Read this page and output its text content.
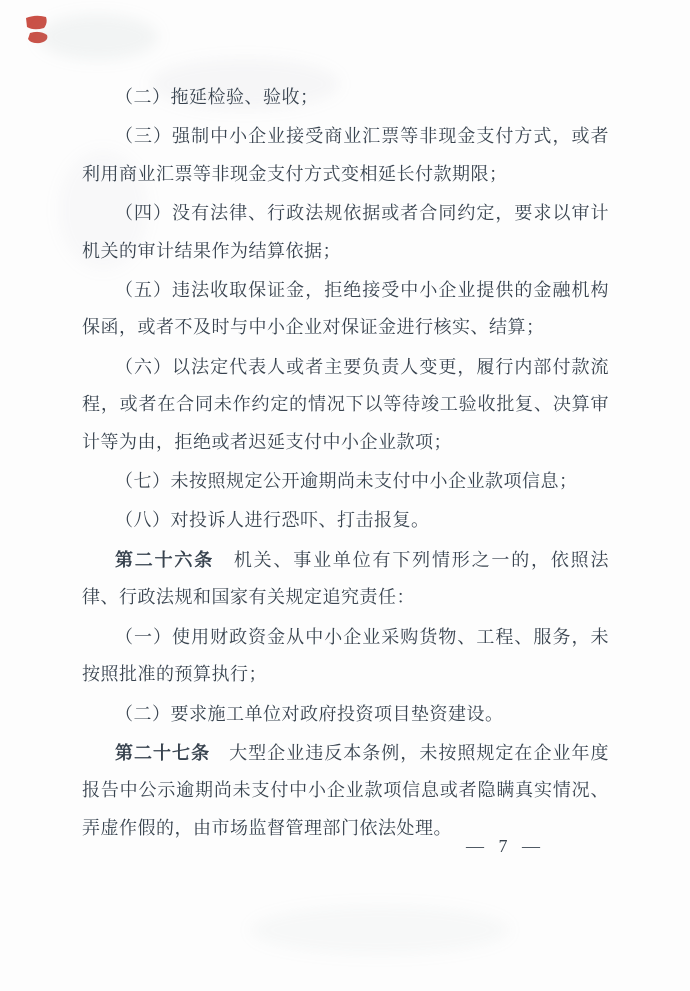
（二）拖延检验、验收；

（三）强制中小企业接受商业汇票等非现金支付方式，或者
利用商业汇票等非现金支付方式变相延长付款期限；

（四）没有法律、行政法规依据或者合同约定，要求以审计
机关的审计结果作为结算依据；

（五）违法收取保证金，拒绝接受中小企业提供的金融机构
保函，或者不及时与中小企业对保证金进行核实、结算；

（六）以法定代表人或者主要负责人变更，履行内部付款流
程，或者在合同未作约定的情况下以等待竣工验收批复、决算审
计等为由，拒绝或者迟延支付中小企业款项；

（七）未按照规定公开逾期尚未支付中小企业款项信息；

（八）对投诉人进行恐吓、打击报复。

第二十六条　机关、事业单位有下列情形之一的，依照法
律、行政法规和国家有关规定追究责任：

（一）使用财政资金从中小企业采购货物、工程、服务，未
按照批准的预算执行；

（二）要求施工单位对政府投资项目垫资建设。

第二十七条　大型企业违反本条例，未按照规定在企业年度
报告中公示逾期尚未支付中小企业款项信息或者隐瞒真实情况、
弄虚作假的，由市场监督管理部门依法处理。

— 7 —
